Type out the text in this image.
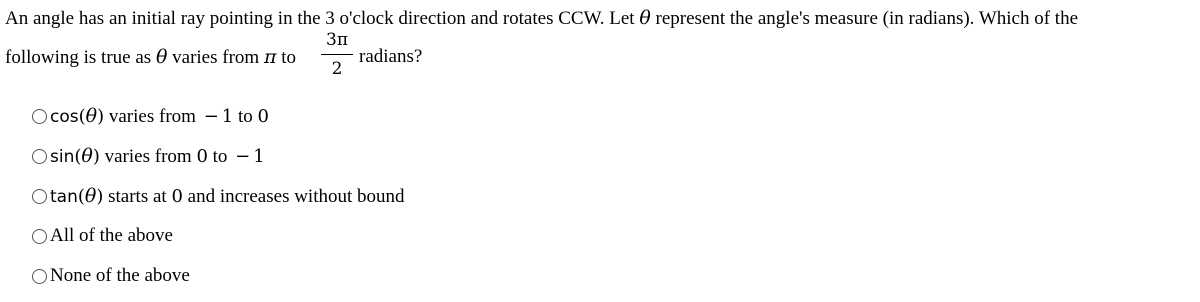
An angle has an initial ray pointing in the 3 o'clock direction and rotates CCW. Let θ represent the angle's measure (in radians). Which of the
following is true as θ varies from π to
3π
2
radians?
cos(θ) varies from − 1 to 0
sin(θ) varies from 0 to − 1
tan(θ) starts at 0 and increases without bound
All of the above
None of the above
